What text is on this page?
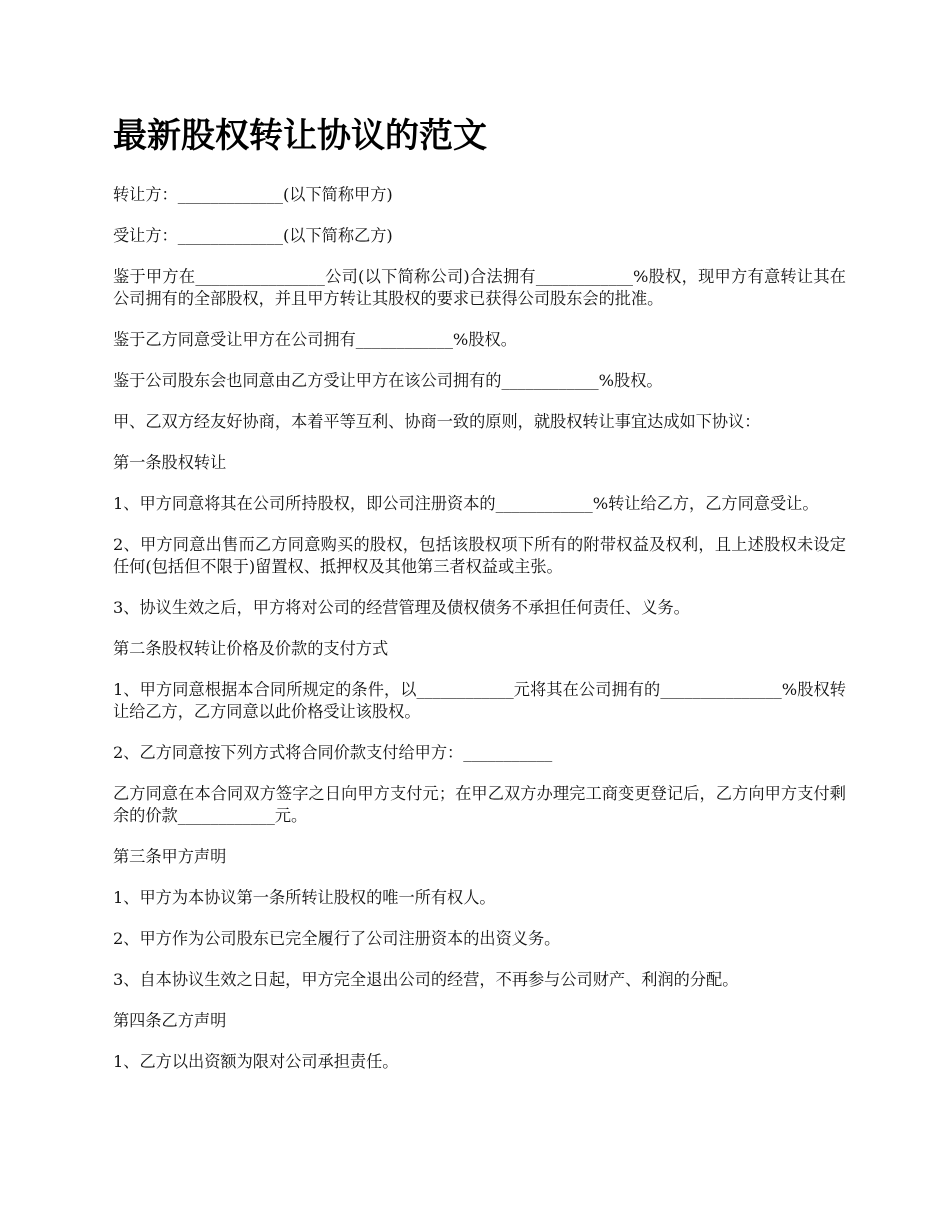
最新股权转让协议的范文

转让方：_____________(以下简称甲方)

受让方：_____________(以下简称乙方)

鉴于甲方在________________公司(以下简称公司)合法拥有____________%股权，现甲方有意转让其在公司拥有的全部股权，并且甲方转让其股权的要求已获得公司股东会的批准。

鉴于乙方同意受让甲方在公司拥有____________%股权。

鉴于公司股东会也同意由乙方受让甲方在该公司拥有的____________%股权。

甲、乙双方经友好协商，本着平等互利、协商一致的原则，就股权转让事宜达成如下协议：

第一条股权转让

1、甲方同意将其在公司所持股权，即公司注册资本的____________%转让给乙方，乙方同意受让。

2、甲方同意出售而乙方同意购买的股权，包括该股权项下所有的附带权益及权利，且上述股权未设定任何(包括但不限于)留置权、抵押权及其他第三者权益或主张。

3、协议生效之后，甲方将对公司的经营管理及债权债务不承担任何责任、义务。

第二条股权转让价格及价款的支付方式

1、甲方同意根据本合同所规定的条件，以____________元将其在公司拥有的_______________%股权转让给乙方，乙方同意以此价格受让该股权。

2、乙方同意按下列方式将合同价款支付给甲方：___________

乙方同意在本合同双方签字之日向甲方支付元；在甲乙双方办理完工商变更登记后，乙方向甲方支付剩余的价款____________元。

第三条甲方声明

1、甲方为本协议第一条所转让股权的唯一所有权人。

2、甲方作为公司股东已完全履行了公司注册资本的出资义务。

3、自本协议生效之日起，甲方完全退出公司的经营，不再参与公司财产、利润的分配。

第四条乙方声明

1、乙方以出资额为限对公司承担责任。
